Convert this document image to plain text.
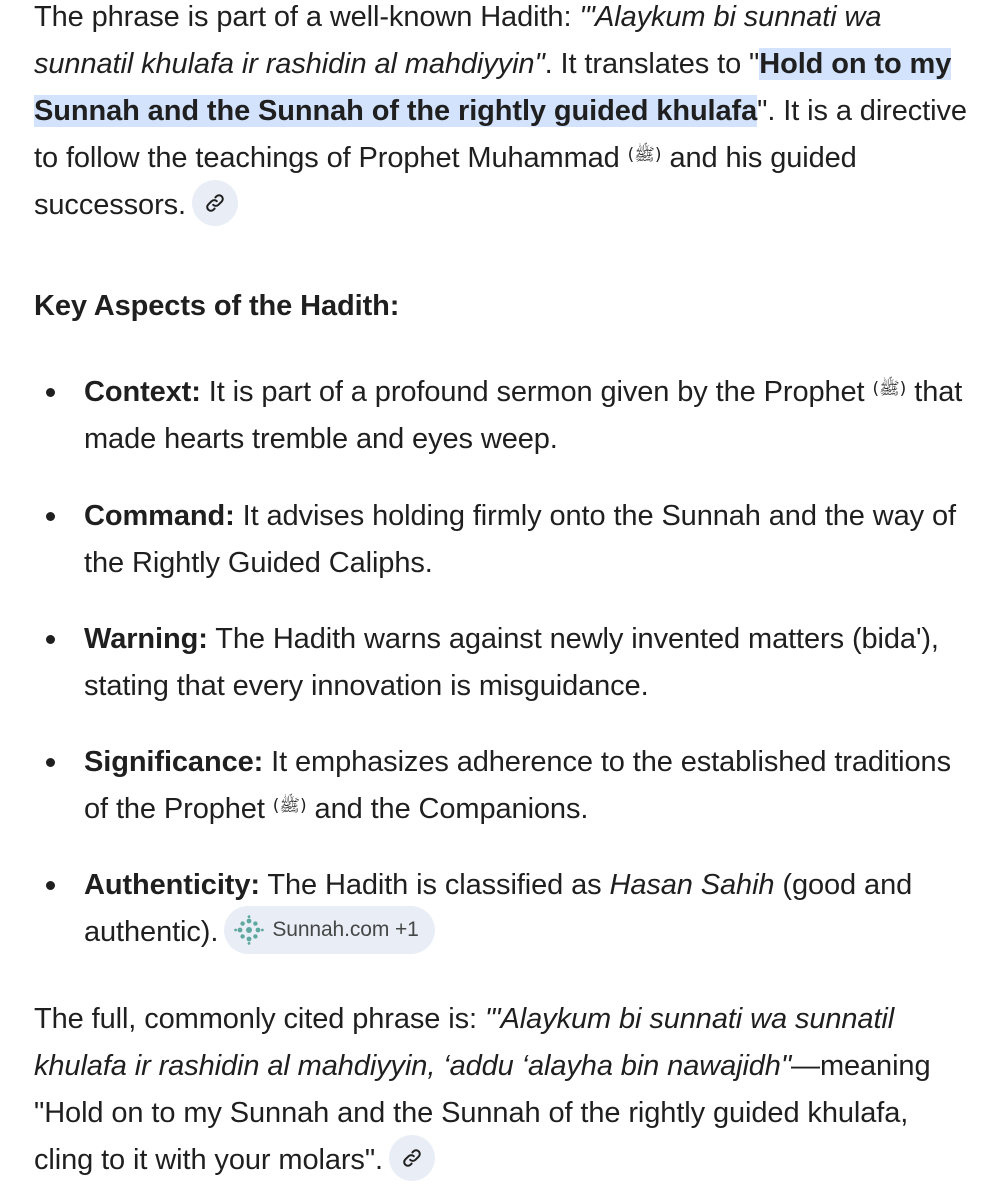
The phrase is part of a well-known Hadith: "'Alaykum bi sunnati wa sunnatil khulafa ir rashidin al mahdiyyin". It translates to "Hold on to my Sunnah and the Sunnah of the rightly guided khulafa". It is a directive to follow the teachings of Prophet Muhammad (ﷺ) and his guided successors.

Key Aspects of the Hadith:
Context: It is part of a profound sermon given by the Prophet (ﷺ) that made hearts tremble and eyes weep.
Command: It advises holding firmly onto the Sunnah and the way of the Rightly Guided Caliphs.
Warning: The Hadith warns against newly invented matters (bida'), stating that every innovation is misguidance.
Significance: It emphasizes adherence to the established traditions of the Prophet (ﷺ) and the Companions.
Authenticity: The Hadith is classified as Hasan Sahih (good and authentic).	Sunnah.com +1

The full, commonly cited phrase is: "'Alaykum bi sunnati wa sunnatil khulafa ir rashidin al mahdiyyin, ‘addu ‘alayha bin nawajidh"—meaning "Hold on to my Sunnah and the Sunnah of the rightly guided khulafa, cling to it with your molars".
